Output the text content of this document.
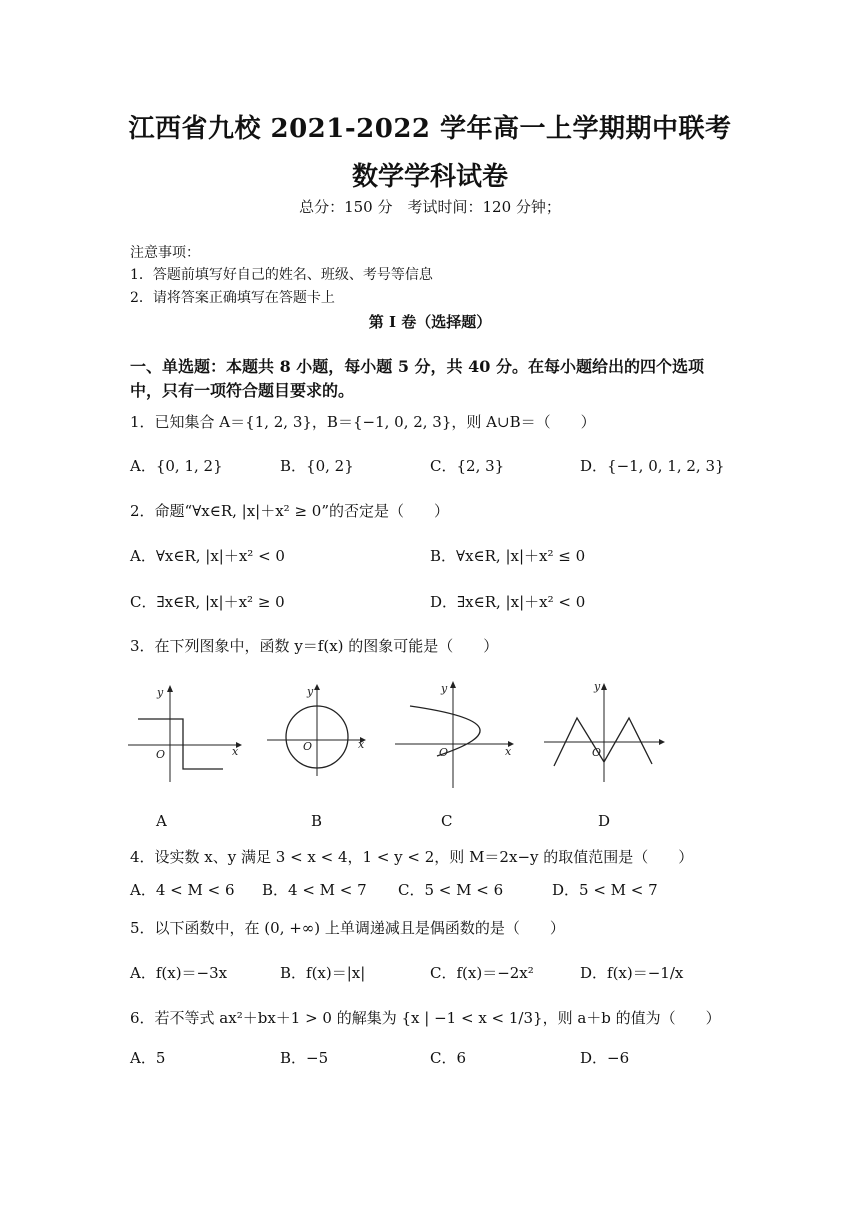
江西省九校 2021-2022 学年高一上学期期中联考
数学学科试卷
总分：150 分　考试时间：120 分钟；
注意事项：
1．答题前填写好自己的姓名、班级、考号等信息
2．请将答案正确填写在答题卡上
第 I 卷（选择题）
一、单选题：本题共 8 小题，每小题 5 分，共 40 分。在每小题给出的四个选项
中，只有一项符合题目要求的。
1．已知集合 A＝{1, 2, 3}，B＝{−1, 0, 2, 3}，则 A∪B＝（　　）
A．{0, 1, 2}	B．{0, 2}	C．{2, 3}	D．{−1, 0, 1, 2, 3}
2．命题“∀x∈R, |x|＋x² ≥ 0”的否定是（　　）
A．∀x∈R, |x|＋x² < 0	B．∀x∈R, |x|＋x² ≤ 0
C．∃x∈R, |x|＋x² ≥ 0	D．∃x∈R, |x|＋x² < 0
3．在下列图象中，函数 y＝f(x) 的图象可能是（　　）
y
x
O
y
x
O
y
x
O
y
O
A	B	C	D
4．设实数 x、y 满足 3 < x < 4，1 < y < 2，则 M＝2x−y 的取值范围是（　　）
A．4 < M < 6 B．4 < M < 7 C．5 < M < 6	D．5 < M < 7
5．以下函数中，在 (0, +∞) 上单调递减且是偶函数的是（　　）
A．f(x)＝−3x	B．f(x)＝|x|	C．f(x)＝−2x²	D．f(x)＝−1/x
6．若不等式 ax²＋bx＋1 > 0 的解集为 {x | −1 < x < 1/3}，则 a＋b 的值为（　　）
A．5	B．−5	C．6	D．−6
